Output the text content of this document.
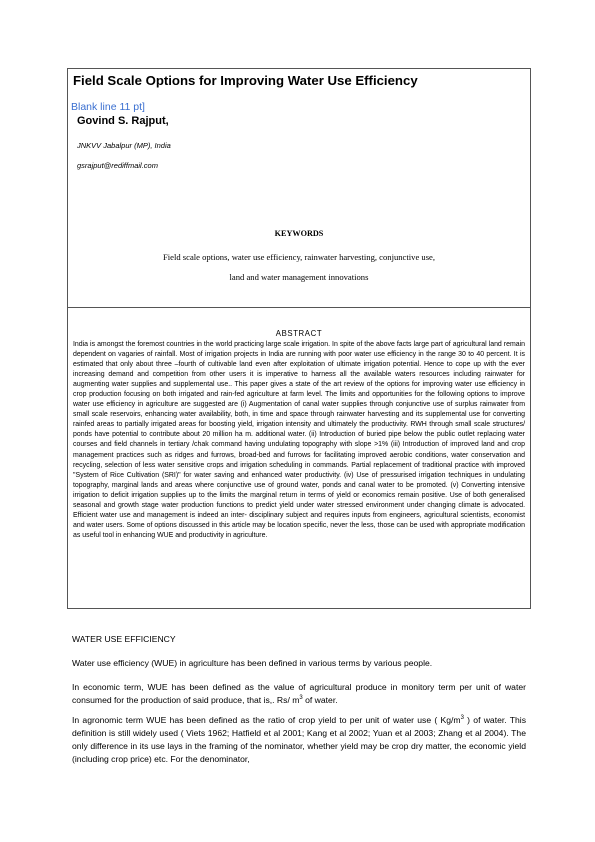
Field Scale Options for Improving Water Use Efficiency
Blank line 11 pt]
Govind S. Rajput,
JNKVV Jabalpur (MP), India
gsrajput@rediffmail.com
KEYWORDS
Field scale options, water use efficiency, rainwater harvesting, conjunctive use,
land and water management innovations
ABSTRACT
India is amongst the foremost countries in the world practicing large scale irrigation. In spite of the above facts large part of agricultural land remain dependent on vagaries of rainfall. Most of irrigation projects in India are running with poor water use efficiency in the range 30 to 40 percent. It is estimated that only about three –fourth of cultivable land even after exploitation of ultimate irrigation potential. Hence to cope up with the ever increasing demand and competition from other users it is imperative to harness all the available waters resources including rainwater for augmenting water supplies and supplemental use.. This paper gives a state of the art review of the options for improving water use efficiency in crop production focusing on both irrigated and rain-fed agriculture at farm level. The limits and opportunities for the following options to improve water use efficiency in agriculture are suggested are (i) Augmentation of canal water supplies through conjunctive use of surplus rainwater from small scale reservoirs, enhancing water availability, both, in time and space through rainwater harvesting and its supplemental use for converting rainfed areas to partially irrigated areas for boosting yield, irrigation intensity and ultimately the productivity. RWH through small scale structures/ ponds have potential to contribute about 20 million ha m. additional water. (ii) Introduction of buried pipe below the public outlet replacing water courses and field channels in tertiary /chak command having undulating topography with slope >1% (iii) Introduction of improved land and crop management practices such as ridges and furrows, broad-bed and furrows for facilitating improved aerobic conditions, water conservation and recycling, selection of less water sensitive crops and irrigation scheduling in commands. Partial replacement of traditional practice with improved "System of Rice Cultivation (SRI)" for water saving and enhanced water productivity. (iv) Use of pressurised irrigation techniques in undulating topography, marginal lands and areas where conjunctive use of ground water, ponds and canal water to be promoted. (v) Converting intensive irrigation to deficit irrigation supplies up to the limits the marginal return in terms of yield or economics remain positive. Use of both generalised seasonal and growth stage water production functions to predict yield under water stressed environment under changing climate is advocated. Efficient water use and management is indeed an inter- disciplinary subject and requires inputs from engineers, agricultural scientists, economist and water users. Some of options discussed in this article may be location specific, never the less, those can be used with appropriate modification as useful tool in enhancing WUE and productivity in agriculture.
WATER USE EFFICIENCY
Water use efficiency (WUE) in agriculture has been defined in various terms by various people.
In economic term, WUE has been defined as the value of agricultural produce in monitory term per unit of water consumed for the production of said produce, that is,. Rs/ $m^3$ of water.
In agronomic term WUE has been defined as the ratio of crop yield to per unit of water use ( $Kg/m^3$ ) of water. This definition is still widely used ( Viets 1962; Hatfield et al 2001; Kang et al 2002; Yuan et al 2003; Zhang et al 2004). The only difference in its use lays in the framing of the nominator, whether yield may be crop dry matter, the economic yield (including crop price) etc. For the denominator,
